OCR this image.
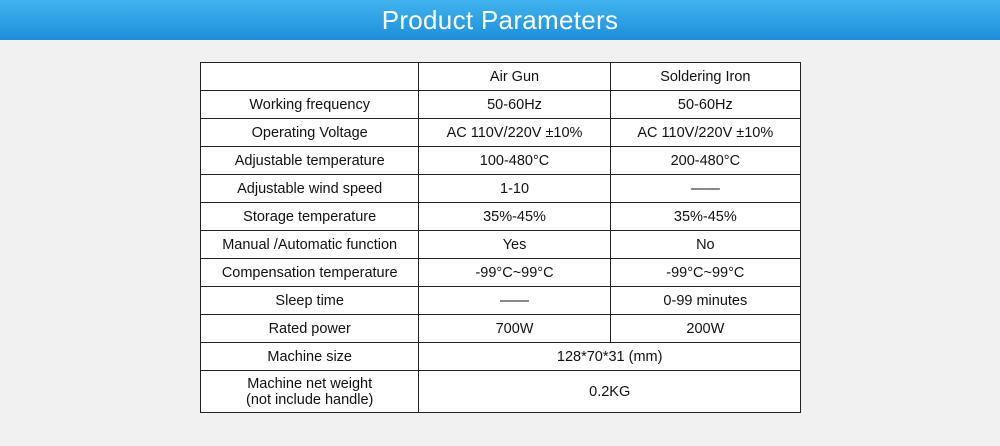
Product Parameters
	Air Gun	Soldering Iron
Working frequency	50-60Hz	50-60Hz
Operating Voltage	AC 110V/220V ±10%	AC 110V/220V ±10%
Adjustable temperature	100-480°C	200-480°C
Adjustable wind speed	1-10	——
Storage temperature	35%-45%	35%-45%
Manual /Automatic function	Yes	No
Compensation temperature	-99°C~99°C	-99°C~99°C
Sleep time	——	0-99 minutes
Rated power	700W	200W
Machine size	128*70*31 (mm)	

Machine net weight
(not include handle)	0.2KG	
